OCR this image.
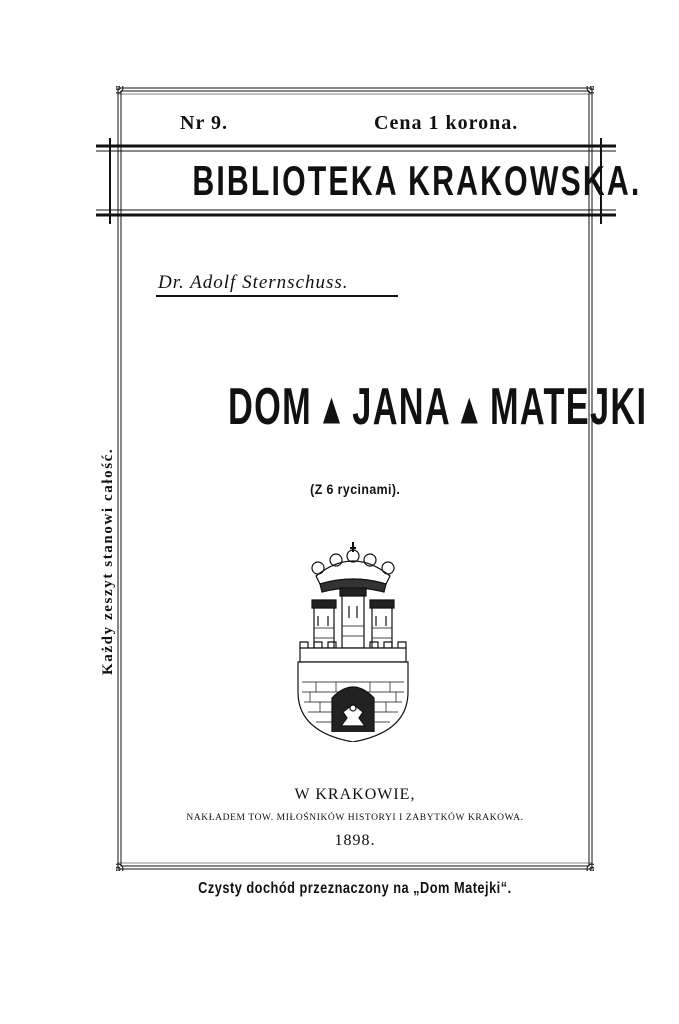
Nr 9.	Cena 1 korona.
BIBLIOTEKA KRAKOWSKA.
Dr. Adolf Sternschuss.
DOM ▴ JANA ▴ MATEJKI
(Z 6 rycinami).
Każdy zeszyt stanowi całość.
W KRAKOWIE,
NAKŁADEM TOW. MIŁOŚNIKÓW HISTORYI I ZABYTKÓW KRAKOWA.
1898.
Czysty dochód przeznaczony na „Dom Matejki“.
